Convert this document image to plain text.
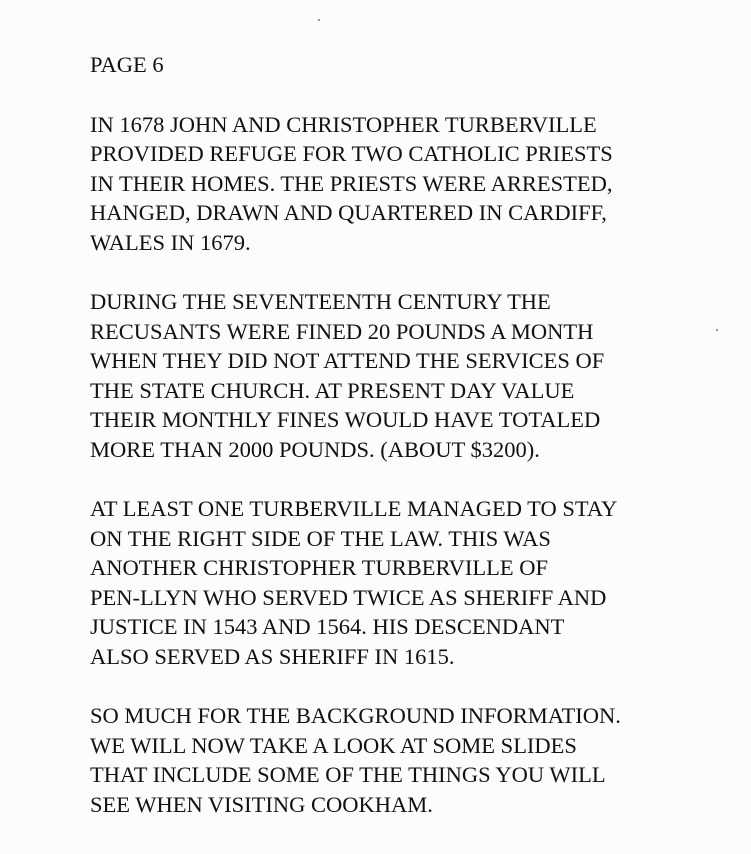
PAGE 6

IN 1678 JOHN AND CHRISTOPHER TURBERVILLE
PROVIDED REFUGE FOR TWO CATHOLIC PRIESTS
IN THEIR HOMES. THE PRIESTS WERE ARRESTED,
HANGED, DRAWN AND QUARTERED IN CARDIFF,
WALES IN 1679.

DURING THE SEVENTEENTH CENTURY THE
RECUSANTS WERE FINED 20 POUNDS A MONTH
WHEN THEY DID NOT ATTEND THE SERVICES OF
THE STATE CHURCH. AT PRESENT DAY VALUE
THEIR MONTHLY FINES WOULD HAVE TOTALED
MORE THAN 2000 POUNDS. (ABOUT $3200).

AT LEAST ONE TURBERVILLE MANAGED TO STAY
ON THE RIGHT SIDE OF THE LAW. THIS WAS
ANOTHER CHRISTOPHER TURBERVILLE OF
PEN-LLYN WHO SERVED TWICE AS SHERIFF AND
JUSTICE IN 1543 AND 1564. HIS DESCENDANT
ALSO SERVED AS SHERIFF IN 1615.

SO MUCH FOR THE BACKGROUND INFORMATION.
WE WILL NOW TAKE A LOOK AT SOME SLIDES
THAT INCLUDE SOME OF THE THINGS YOU WILL
SEE WHEN VISITING COOKHAM.
